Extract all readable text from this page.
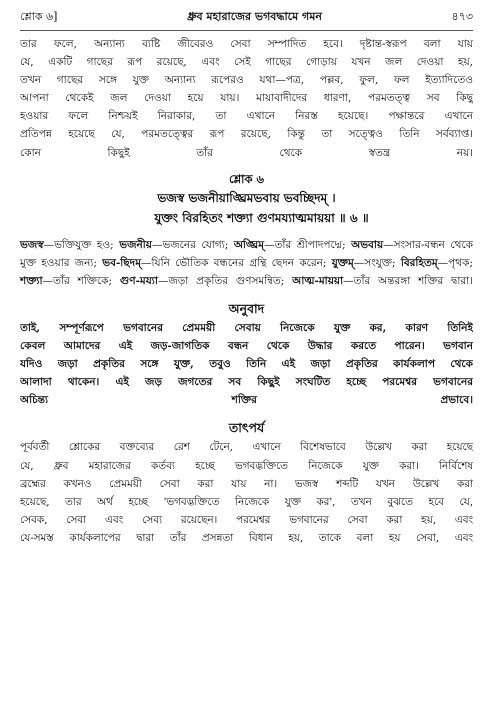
শ্লোক ৬]	ধ্রুব মহারাজের ভগবদ্ধামে গমন	৪৭৩

তার ফলে, অন্যান্য ব্যষ্টি জীবেরও সেবা সম্পাদিত হবে। দৃষ্টান্ত-স্বরূপ বলা যায়
যে, একটি গাছের রূপ রয়েছে, এবং সেই গাছের গোড়ায় যখন জল দেওয়া হয়,
তখন গাছের সঙ্গে যুক্ত অন্যান্য রূপেরও যথা—পত্র, পল্লব, ফুল, ফল ইত্যাদিতেও
আপনা থেকেই জল দেওয়া হয়ে যায়। মায়াবাদীদের ধারণা, পরমতত্ত্ব সব কিছু
হওয়ার ফলে নিশ্চয়ই নিরাকার, তা এখানে নিরস্ত হয়েছে। পক্ষান্তরে এখানে
প্রতিপন্ন হয়েছে যে, পরমতত্ত্বের রূপ রয়েছে, কিন্তু তা সত্ত্বেও তিনি সর্বব্যাপ্ত।
কোন কিছুই তাঁর থেকে স্বতন্ত্র নয়।

শ্লোক ৬
ভজস্ব ভজনীয়াঙ্ঘ্রিমভবায় ভবচ্ছিদম্ ।
যুক্তং বিরহিতং শক্ত্যা গুণময্যাত্মমায়য়া ॥ ৬ ॥

ভজস্ব—ভক্তিযুক্ত হও; ভজনীয়—ভজনের যোগ্য; অঙ্ঘ্রিম্—তাঁর শ্রীপাদপদ্মে; অভবায়—সংসার-বন্ধন থেকে মুক্ত হওয়ার জন্য; ভব-ছিদম্—যিনি ভৌতিক বন্ধনের গ্রন্থি ছেদন করেন; যুক্তম্—সংযুক্ত; বিরহিতম্—পৃথক; শক্ত্যা—তাঁর শক্তিকে; গুণ-ময্যা—জড়া প্রকৃতির গুণসমন্বিত; আত্ম-মায়য়া—তাঁর অন্তরঙ্গা শক্তির দ্বারা।

অনুবাদ

তাই, সম্পূর্ণরূপে ভগবানের প্রেমময়ী সেবায় নিজেকে যুক্ত কর, কারণ তিনিই
কেবল আমাদের এই জড়-জাগতিক বন্ধন থেকে উদ্ধার করতে পারেন। ভগবান
যদিও জড়া প্রকৃতির সঙ্গে যুক্ত, তবুও তিনি এই জড়া প্রকৃতির কার্যকলাপ থেকে
আলাদা থাকেন। এই জড় জগতের সব কিছুই সংঘটিত হচ্ছে পরমেশ্বর ভগবানের
অচিন্ত্য শক্তির প্রভাবে।

তাৎপর্য

পূর্ববর্তী শ্লোকের বক্তব্যের রেশ টেনে, এখানে বিশেষভাবে উল্লেখ করা হয়েছে
যে, ধ্রুব মহারাজের কর্তব্য হচ্ছে ভগবদ্ভক্তিতে নিজেকে যুক্ত করা। নির্বিশেষ
ব্রহ্মের কখনও প্রেমময়ী সেবা করা যায় না। ভজস্ব শব্দটি যখন উল্লেখ করা
হয়েছে, তার অর্থ হচ্ছে 'ভগবদ্ভক্তিতে নিজেকে যুক্ত কর', তখন বুঝতে হবে যে,
সেবক, সেবা এবং সেব্য রয়েছেন। পরমেশ্বর ভগবানের সেবা করা হয়, এবং
যে-সমস্ত কার্যকলাপের দ্বারা তাঁর প্রসন্নতা বিধান হয়, তাকে বলা হয় সেবা, এবং
